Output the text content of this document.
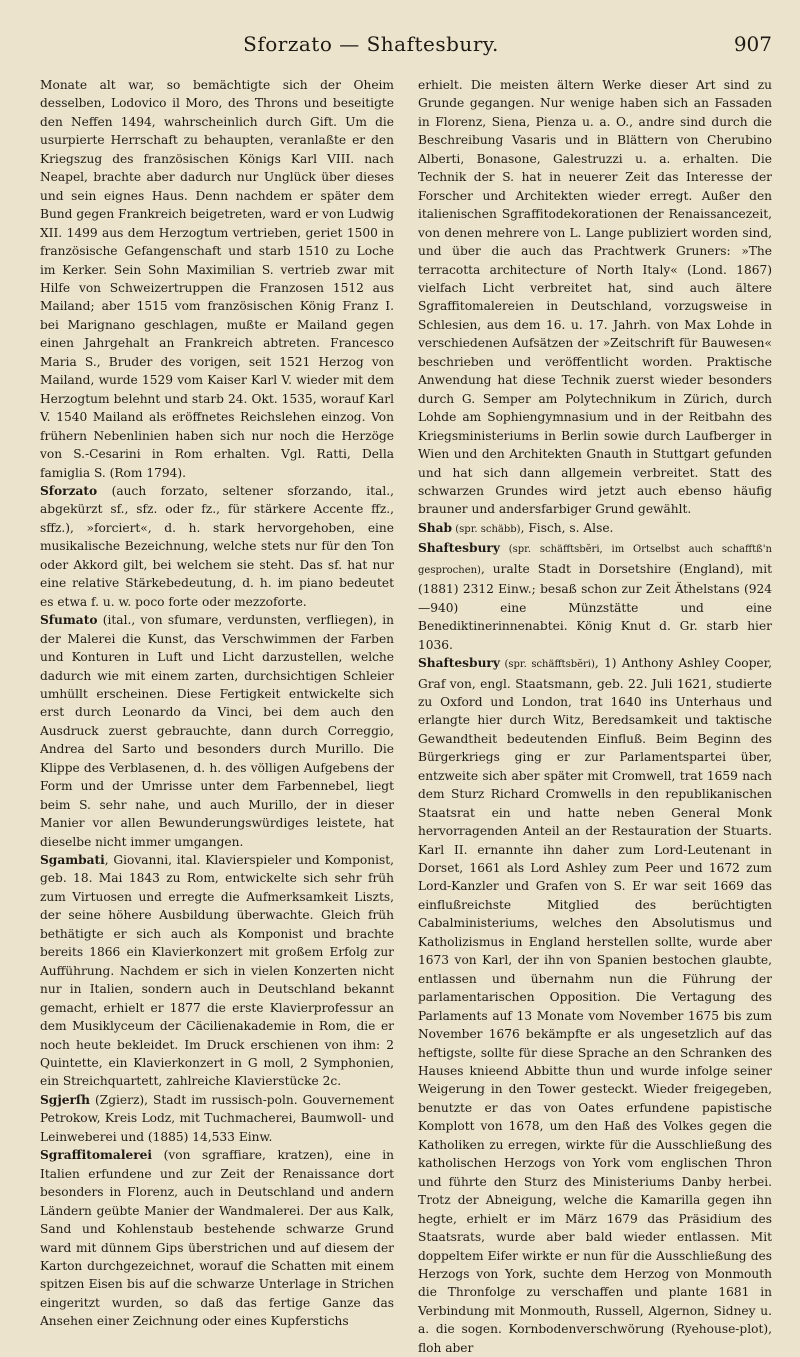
Sforzato — Shaftesbury.	907

Monate alt war, so bemächtigte sich der Oheim desselben, Lodovico il Moro, des Throns und beseitigte den Neffen 1494, wahrscheinlich durch Gift. Um die usurpierte Herrschaft zu behaupten, veranlaßte er den Kriegszug des französischen Königs Karl VIII. nach Neapel, brachte aber dadurch nur Unglück über dieses und sein eignes Haus. Denn nachdem er später dem Bund gegen Frankreich beigetreten, ward er von Ludwig XII. 1499 aus dem Herzogtum vertrieben, geriet 1500 in französische Gefangenschaft und starb 1510 zu Loche im Kerker. Sein Sohn Maximilian S. vertrieb zwar mit Hilfe von Schweizertruppen die Franzosen 1512 aus Mailand; aber 1515 vom französischen König Franz I. bei Marignano geschlagen, mußte er Mailand gegen einen Jahrgehalt an Frankreich abtreten. Francesco Maria S., Bruder des vorigen, seit 1521 Herzog von Mailand, wurde 1529 vom Kaiser Karl V. wieder mit dem Herzogtum belehnt und starb 24. Okt. 1535, worauf Karl V. 1540 Mailand als eröffnetes Reichslehen einzog. Von frühern Nebenlinien haben sich nur noch die Herzöge von S.-Cesarini in Rom erhalten. Vgl. Ratti, Della famiglia S. (Rom 1794).

Sforzato (auch forzato, seltener sforzando, ital., abgekürzt sf., sfz. oder fz., für stärkere Accente ffz., sffz.), »forciert«, d. h. stark hervorgehoben, eine musikalische Bezeichnung, welche stets nur für den Ton oder Akkord gilt, bei welchem sie steht. Das sf. hat nur eine relative Stärkebedeutung, d. h. im piano bedeutet es etwa f. u. w. poco forte oder mezzoforte.

Sfumato (ital., von sfumare, verdunsten, verfliegen), in der Malerei die Kunst, das Verschwimmen der Farben und Konturen in Luft und Licht darzustellen, welche dadurch wie mit einem zarten, durchsichtigen Schleier umhüllt erscheinen. Diese Fertigkeit entwickelte sich erst durch Leonardo da Vinci, bei dem auch den Ausdruck zuerst gebrauchte, dann durch Correggio, Andrea del Sarto und besonders durch Murillo. Die Klippe des Verblasenen, d. h. des völligen Aufgebens der Form und der Umrisse unter dem Farbennebel, liegt beim S. sehr nahe, und auch Murillo, der in dieser Manier vor allen Bewunderungswürdiges leistete, hat dieselbe nicht immer umgangen.

Sgambati, Giovanni, ital. Klavierspieler und Komponist, geb. 18. Mai 1843 zu Rom, entwickelte sich sehr früh zum Virtuosen und erregte die Aufmerksamkeit Liszts, der seine höhere Ausbildung überwachte. Gleich früh bethätigte er sich auch als Komponist und brachte bereits 1866 ein Klavierkonzert mit großem Erfolg zur Aufführung. Nachdem er sich in vielen Konzerten nicht nur in Italien, sondern auch in Deutschland bekannt gemacht, erhielt er 1877 die erste Klavierprofessur an dem Musiklyceum der Cäcilienakademie in Rom, die er noch heute bekleidet. Im Druck erschienen von ihm: 2 Quintette, ein Klavierkonzert in G moll, 2 Symphonien, ein Streichquartett, zahlreiche Klavierstücke 2c.

Sgjerſh (Zgierz), Stadt im russisch-poln. Gouvernement Petrokow, Kreis Lodz, mit Tuchmacherei, Baumwoll- und Leinweberei und (1885) 14,533 Einw.

Sgraffitomalerei (von sgraffiare, kratzen), eine in Italien erfundene und zur Zeit der Renaissance dort besonders in Florenz, auch in Deutschland und andern Ländern geübte Manier der Wandmalerei. Der aus Kalk, Sand und Kohlenstaub bestehende schwarze Grund ward mit dünnem Gips überstrichen und auf diesem der Karton durchgezeichnet, worauf die Schatten mit einem spitzen Eisen bis auf die schwarze Unterlage in Strichen eingeritzt wurden, so daß das fertige Ganze das Ansehen einer Zeichnung oder eines Kupferstichs

erhielt. Die meisten ältern Werke dieser Art sind zu Grunde gegangen. Nur wenige haben sich an Fassaden in Florenz, Siena, Pienza u. a. O., andre sind durch die Beschreibung Vasaris und in Blättern von Cherubino Alberti, Bonasone, Galestruzzi u. a. erhalten. Die Technik der S. hat in neuerer Zeit das Interesse der Forscher und Architekten wieder erregt. Außer den italienischen Sgraffitodekorationen der Renaissancezeit, von denen mehrere von L. Lange publiziert worden sind, und über die auch das Prachtwerk Gruners: »The terracotta architecture of North Italy« (Lond. 1867) vielfach Licht verbreitet hat, sind auch ältere Sgraffitomalereien in Deutschland, vorzugsweise in Schlesien, aus dem 16. u. 17. Jahrh. von Max Lohde in verschiedenen Aufsätzen der »Zeitschrift für Bauwesen« beschrieben und veröffentlicht worden. Praktische Anwendung hat diese Technik zuerst wieder besonders durch G. Semper am Polytechnikum in Zürich, durch Lohde am Sophiengymnasium und in der Reitbahn des Kriegsministeriums in Berlin sowie durch Laufberger in Wien und den Architekten Gnauth in Stuttgart gefunden und hat sich dann allgemein verbreitet. Statt des schwarzen Grundes wird jetzt auch ebenso häufig brauner und andersfarbiger Grund gewählt.

Shab (spr. schäbb), Fisch, s. Alse.

Shaftesbury (spr. schäfftsbĕri, im Ortselbst auch schafftß'n gesprochen), uralte Stadt in Dorsetshire (England), mit (1881) 2312 Einw.; besaß schon zur Zeit Äthelstans (924—940) eine Münzstätte und eine Benediktinerinnenabtei. König Knut d. Gr. starb hier 1036.

Shaftesbury (spr. schäfftsbĕri), 1) Anthony Ashley Cooper, Graf von, engl. Staatsmann, geb. 22. Juli 1621, studierte zu Oxford und London, trat 1640 ins Unterhaus und erlangte hier durch Witz, Beredsamkeit und taktische Gewandtheit bedeutenden Einfluß. Beim Beginn des Bürgerkriegs ging er zur Parlamentspartei über, entzweite sich aber später mit Cromwell, trat 1659 nach dem Sturz Richard Cromwells in den republikanischen Staatsrat ein und hatte neben General Monk hervorragenden Anteil an der Restauration der Stuarts. Karl II. ernannte ihn daher zum Lord-Leutenant in Dorset, 1661 als Lord Ashley zum Peer und 1672 zum Lord-Kanzler und Grafen von S. Er war seit 1669 das einflußreichste Mitglied des berüchtigten Cabalministeriums, welches den Absolutismus und Katholizismus in England herstellen sollte, wurde aber 1673 von Karl, der ihn von Spanien bestochen glaubte, entlassen und übernahm nun die Führung der parlamentarischen Opposition. Die Vertagung des Parlaments auf 13 Monate vom November 1675 bis zum November 1676 bekämpfte er als ungesetzlich auf das heftigste, sollte für diese Sprache an den Schranken des Hauses knieend Abbitte thun und wurde infolge seiner Weigerung in den Tower gesteckt. Wieder freigegeben, benutzte er das von Oates erfundene papistische Komplott von 1678, um den Haß des Volkes gegen die Katholiken zu erregen, wirkte für die Ausschließung des katholischen Herzogs von York vom englischen Thron und führte den Sturz des Ministeriums Danby herbei. Trotz der Abneigung, welche die Kamarilla gegen ihn hegte, erhielt er im März 1679 das Präsidium des Staatsrats, wurde aber bald wieder entlassen. Mit doppeltem Eifer wirkte er nun für die Ausschließung des Herzogs von York, suchte dem Herzog von Monmouth die Thronfolge zu verschaffen und plante 1681 in Verbindung mit Monmouth, Russell, Algernon, Sidney u. a. die sogen. Kornbodenverschwörung (Ryehouse-plot), floh aber
